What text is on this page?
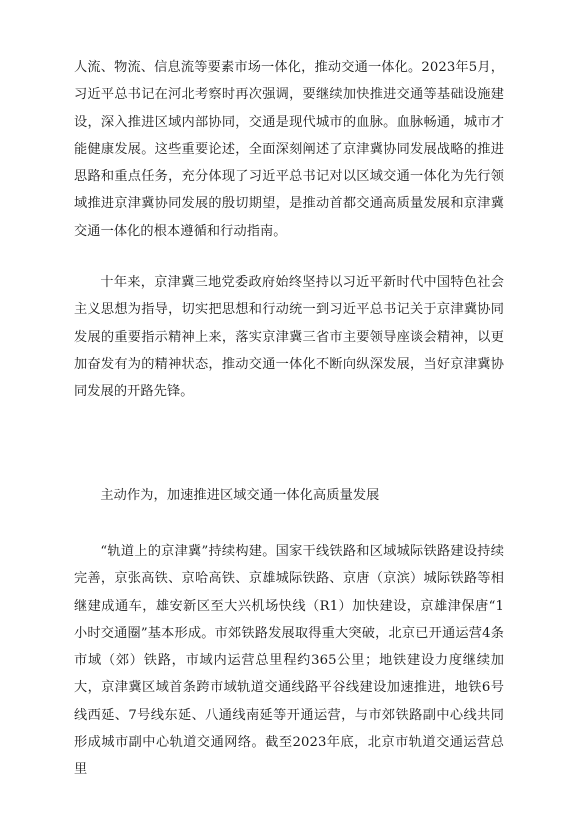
人流、物流、信息流等要素市场一体化，推动交通一体化。2023年5月，习近平总书记在河北考察时再次强调，要继续加快推进交通等基础设施建设，深入推进区域内部协同，交通是现代城市的血脉。血脉畅通，城市才能健康发展。这些重要论述，全面深刻阐述了京津冀协同发展战略的推进思路和重点任务，充分体现了习近平总书记对以区域交通一体化为先行领域推进京津冀协同发展的殷切期望，是推动首都交通高质量发展和京津冀交通一体化的根本遵循和行动指南。

十年来，京津冀三地党委政府始终坚持以习近平新时代中国特色社会主义思想为指导，切实把思想和行动统一到习近平总书记关于京津冀协同发展的重要指示精神上来，落实京津冀三省市主要领导座谈会精神，以更加奋发有为的精神状态，推动交通一体化不断向纵深发展，当好京津冀协同发展的开路先锋。

主动作为，加速推进区域交通一体化高质量发展

“轨道上的京津冀”持续构建。国家干线铁路和区域城际铁路建设持续完善，京张高铁、京哈高铁、京雄城际铁路、京唐（京滨）城际铁路等相继建成通车，雄安新区至大兴机场快线（R1）加快建设，京雄津保唐“1小时交通圈”基本形成。市郊铁路发展取得重大突破，北京已开通运营4条市域（郊）铁路，市域内运营总里程约365公里；地铁建设力度继续加大，京津冀区域首条跨市域轨道交通线路平谷线建设加速推进，地铁6号线西延、7号线东延、八通线南延等开通运营，与市郊铁路副中心线共同形成城市副中心轨道交通网络。截至2023年底，北京市轨道交通运营总里
